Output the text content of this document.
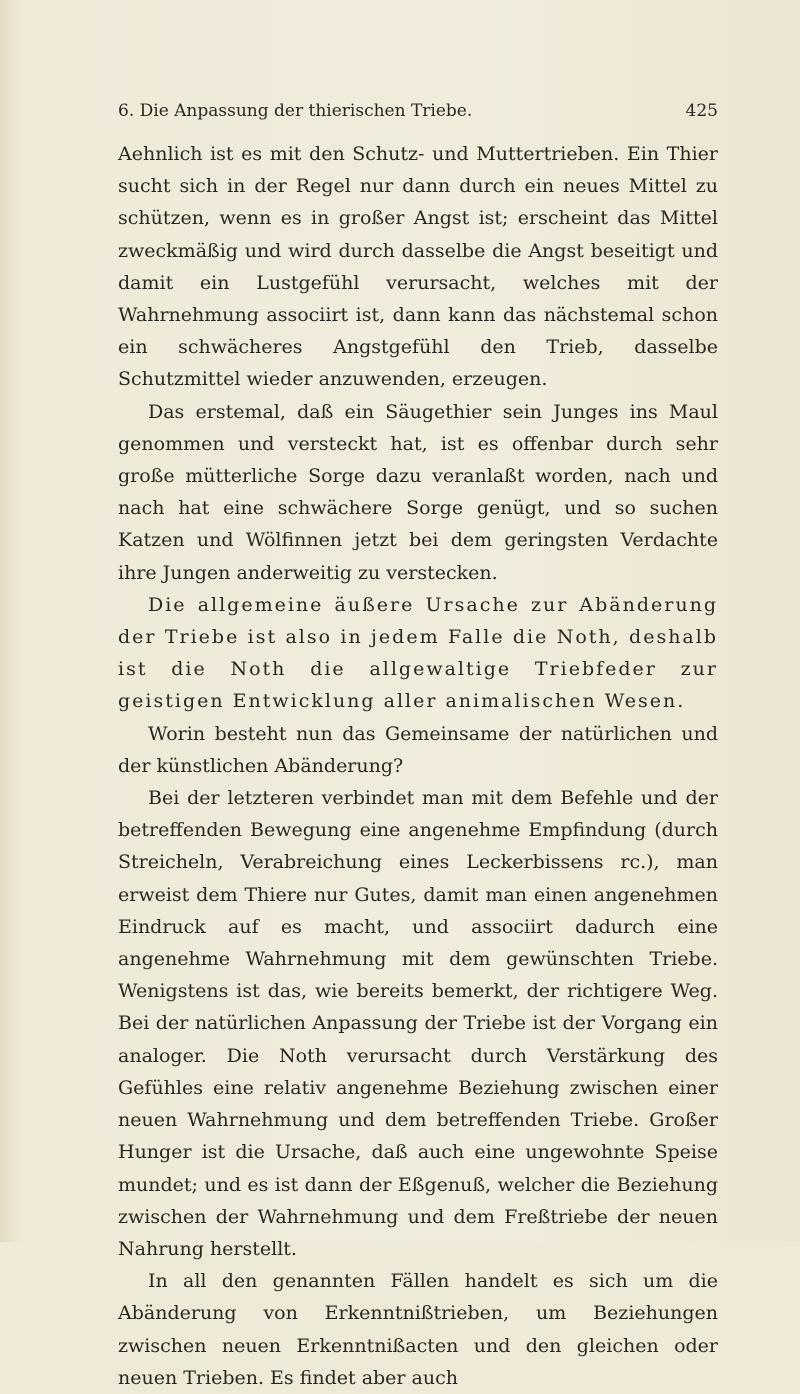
6. Die Anpassung der thierischen Triebe.	425

Aehnlich ist es mit den Schutz- und Muttertrieben. Ein Thier sucht sich in der Regel nur dann durch ein neues Mittel zu schützen, wenn es in großer Angst ist; erscheint das Mittel zweckmäßig und wird durch dasselbe die Angst beseitigt und damit ein Lustgefühl verursacht, welches mit der Wahrnehmung associirt ist, dann kann das nächstemal schon ein schwächeres Angstgefühl den Trieb, dasselbe Schutzmittel wieder anzuwenden, erzeugen.

Das erstemal, daß ein Säugethier sein Junges ins Maul genommen und versteckt hat, ist es offenbar durch sehr große mütterliche Sorge dazu veranlaßt worden, nach und nach hat eine schwächere Sorge genügt, und so suchen Katzen und Wölfinnen jetzt bei dem geringsten Verdachte ihre Jungen anderweitig zu verstecken.

Die allgemeine äußere Ursache zur Abänderung der Triebe ist also in jedem Falle die Noth, deshalb ist die Noth die allgewaltige Triebfeder zur geistigen Entwicklung aller animalischen Wesen.

Worin besteht nun das Gemeinsame der natürlichen und der künstlichen Abänderung?

Bei der letzteren verbindet man mit dem Befehle und der betreffenden Bewegung eine angenehme Empfindung (durch Streicheln, Verabreichung eines Leckerbissens rc.), man erweist dem Thiere nur Gutes, damit man einen angenehmen Eindruck auf es macht, und associirt dadurch eine angenehme Wahrnehmung mit dem gewünschten Triebe. Wenigstens ist das, wie bereits bemerkt, der richtigere Weg. Bei der natürlichen Anpassung der Triebe ist der Vorgang ein analoger. Die Noth verursacht durch Verstärkung des Gefühles eine relativ angenehme Beziehung zwischen einer neuen Wahrnehmung und dem betreffenden Triebe. Großer Hunger ist die Ursache, daß auch eine ungewohnte Speise mundet; und es ist dann der Eßgenuß, welcher die Beziehung zwischen der Wahrnehmung und dem Freßtriebe der neuen Nahrung herstellt.

In all den genannten Fällen handelt es sich um die Abänderung von Erkenntnißtrieben, um Beziehungen zwischen neuen Erkenntnißacten und den gleichen oder neuen Trieben. Es findet aber auch
